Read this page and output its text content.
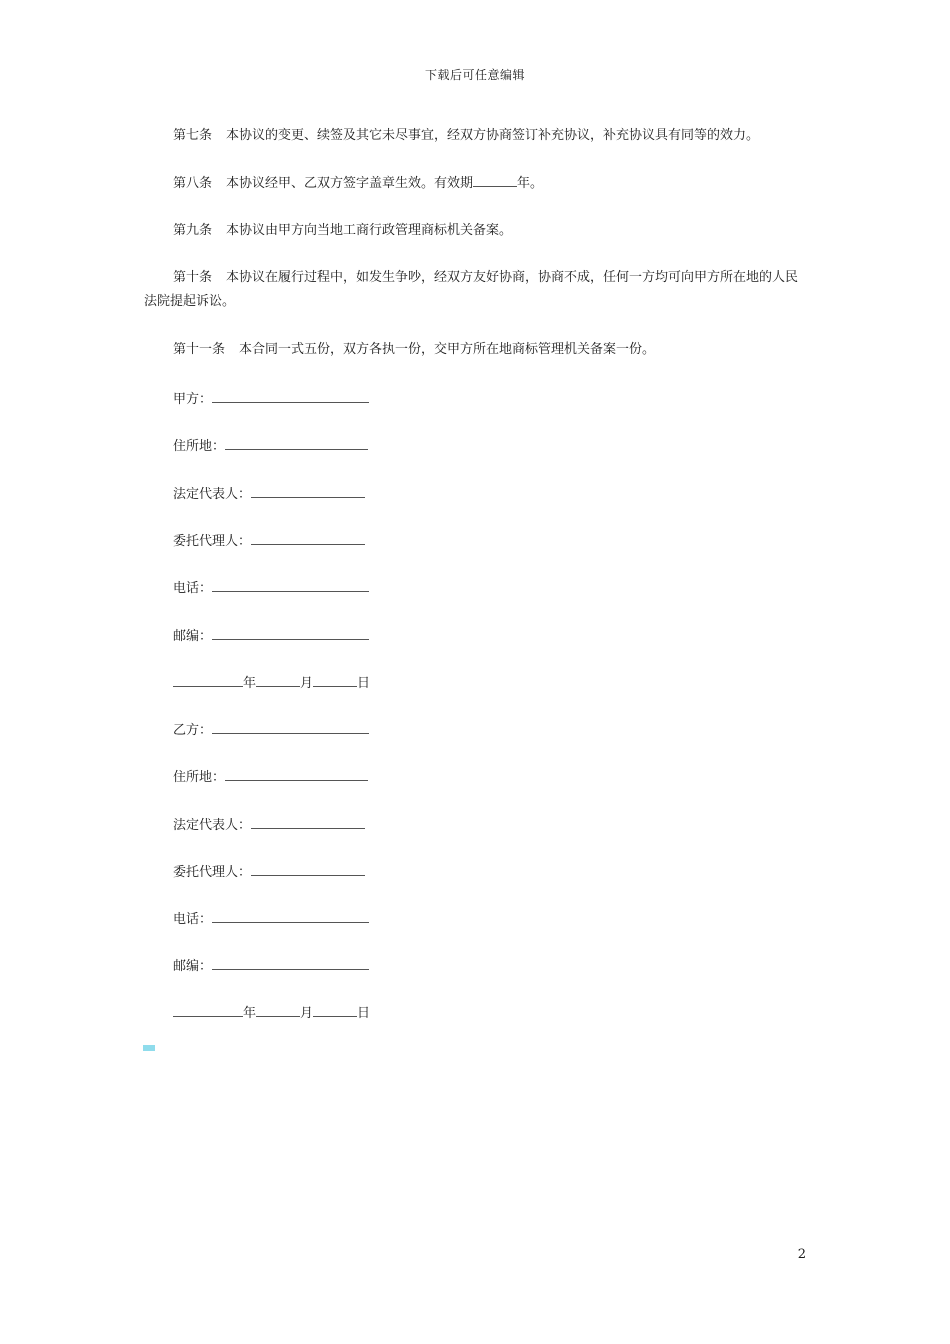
下载后可任意编辑
第七条 本协议的变更、续签及其它未尽事宜，经双方协商签订补充协议，补充协议具有同等的效力。
第八条 本协议经甲、乙双方签字盖章生效。有效期	年。
第九条 本协议由甲方向当地工商行政管理商标机关备案。
第十条 本协议在履行过程中，如发生争吵，经双方友好协商，协商不成，任何一方均可向甲方所在地的人民法院提起诉讼。
第十一条 本合同一式五份，双方各执一份，交甲方所在地商标管理机关备案一份。
甲方：
住所地：
法定代表人：
委托代理人：
电话：
邮编：
年	月	日
乙方：
住所地：
法定代表人：
委托代理人：
电话：
邮编：
年	月	日
2
